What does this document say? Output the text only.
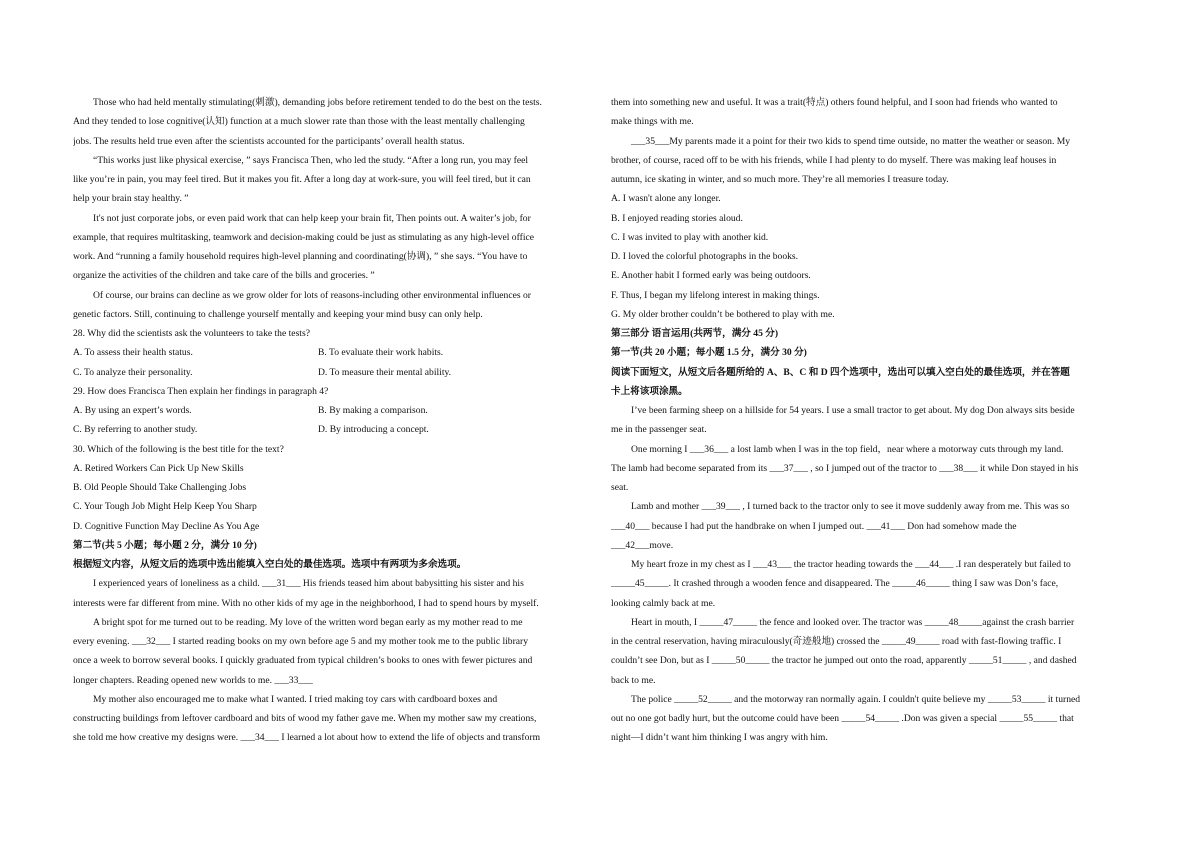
Those who had held mentally stimulating(刺激), demanding jobs before retirement tended to do the best on the tests.
And they tended to lose cognitive(认知) function at a much slower rate than those with the least mentally challenging
jobs. The results held true even after the scientists accounted for the participants’ overall health status.
“This works just like physical exercise, ” says Francisca Then, who led the study. “After a long run, you may feel
like you’re in pain, you may feel tired. But it makes you fit. After a long day at work-sure, you will feel tired, but it can
help your brain stay healthy. ”
It's not just corporate jobs, or even paid work that can help keep your brain fit, Then points out. A waiter’s job, for
example, that requires multitasking, teamwork and decision-making could be just as stimulating as any high-level office
work. And “running a family household requires high-level planning and coordinating(协调), ” she says. “You have to
organize the activities of the children and take care of the bills and groceries. ”
Of course, our brains can decline as we grow older for lots of reasons-including other environmental influences or
genetic factors. Still, continuing to challenge yourself mentally and keeping your mind busy can only help.
28. Why did the scientists ask the volunteers to take the tests?
A. To assess their health status.	B. To evaluate their work habits.
C. To analyze their personality.	D. To measure their mental ability.
29. How does Francisca Then explain her findings in paragraph 4?
A. By using an expert’s words.	B. By making a comparison.
C. By referring to another study.	D. By introducing a concept.
30. Which of the following is the best title for the text?
A. Retired Workers Can Pick Up New Skills
B. Old People Should Take Challenging Jobs
C. Your Tough Job Might Help Keep You Sharp
D. Cognitive Function May Decline As You Age
第二节(共 5 小题；每小题 2 分，满分 10 分)
根据短文内容，从短文后的选项中选出能填入空白处的最佳选项。选项中有两项为多余选项。
I experienced years of loneliness as a child. ___31___ His friends teased him about babysitting his sister and his
interests were far different from mine. With no other kids of my age in the neighborhood, I had to spend hours by myself.
A bright spot for me turned out to be reading. My love of the written word began early as my mother read to me
every evening. ___32___ I started reading books on my own before age 5 and my mother took me to the public library
once a week to borrow several books. I quickly graduated from typical children’s books to ones with fewer pictures and
longer chapters. Reading opened new worlds to me. ___33___
My mother also encouraged me to make what I wanted. I tried making toy cars with cardboard boxes and
constructing buildings from leftover cardboard and bits of wood my father gave me. When my mother saw my creations,
she told me how creative my designs were. ___34___ I learned a lot about how to extend the life of objects and transform
them into something new and useful. It was a trait(特点) others found helpful, and I soon had friends who wanted to
make things with me.
___35___My parents made it a point for their two kids to spend time outside, no matter the weather or season. My
brother, of course, raced off to be with his friends, while I had plenty to do myself. There was making leaf houses in
autumn, ice skating in winter, and so much more. They’re all memories I treasure today.
A. I wasn't alone any longer.
B. I enjoyed reading stories aloud.
C. I was invited to play with another kid.
D. I loved the colorful photographs in the books.
E. Another habit I formed early was being outdoors.
F. Thus, I began my lifelong interest in making things.
G. My older brother couldn’t be bothered to play with me.
第三部分 语言运用(共两节，满分 45 分)
第一节(共 20 小题；每小题 1.5 分，满分 30 分)
阅读下面短文，从短文后各题所给的 A、B、C 和 D 四个选项中，选出可以填入空白处的最佳选项，并在答题
卡上将该项涂黑。
I’ve been farming sheep on a hillside for 54 years. I use a small tractor to get about. My dog Don always sits beside
me in the passenger seat.
One morning I ___36___ a lost lamb when I was in the top field，near where a motorway cuts through my land.
The lamb had become separated from its ___37___ , so I jumped out of the tractor to ___38___ it while Don stayed in his
seat.
Lamb and mother ___39___ , I turned back to the tractor only to see it move suddenly away from me. This was so
___40___ because I had put the handbrake on when I jumped out. ___41___ Don had somehow made the
___42___move.
My heart froze in my chest as I ___43___ the tractor heading towards the ___44___ .I ran desperately but failed to
_____45_____. It crashed through a wooden fence and disappeared. The _____46_____ thing I saw was Don’s face,
looking calmly back at me.
Heart in mouth, I _____47_____ the fence and looked over. The tractor was _____48_____against the crash barrier
in the central reservation, having miraculously(奇迹般地) crossed the _____49_____ road with fast-flowing traffic. I
couldn’t see Don, but as I _____50_____ the tractor he jumped out onto the road, apparently _____51_____ , and dashed
back to me.
The police _____52_____ and the motorway ran normally again. I couldn't quite believe my _____53_____ it turned
out no one got badly hurt, but the outcome could have been _____54_____ .Don was given a special _____55_____ that
night—I didn’t want him thinking I was angry with him.
